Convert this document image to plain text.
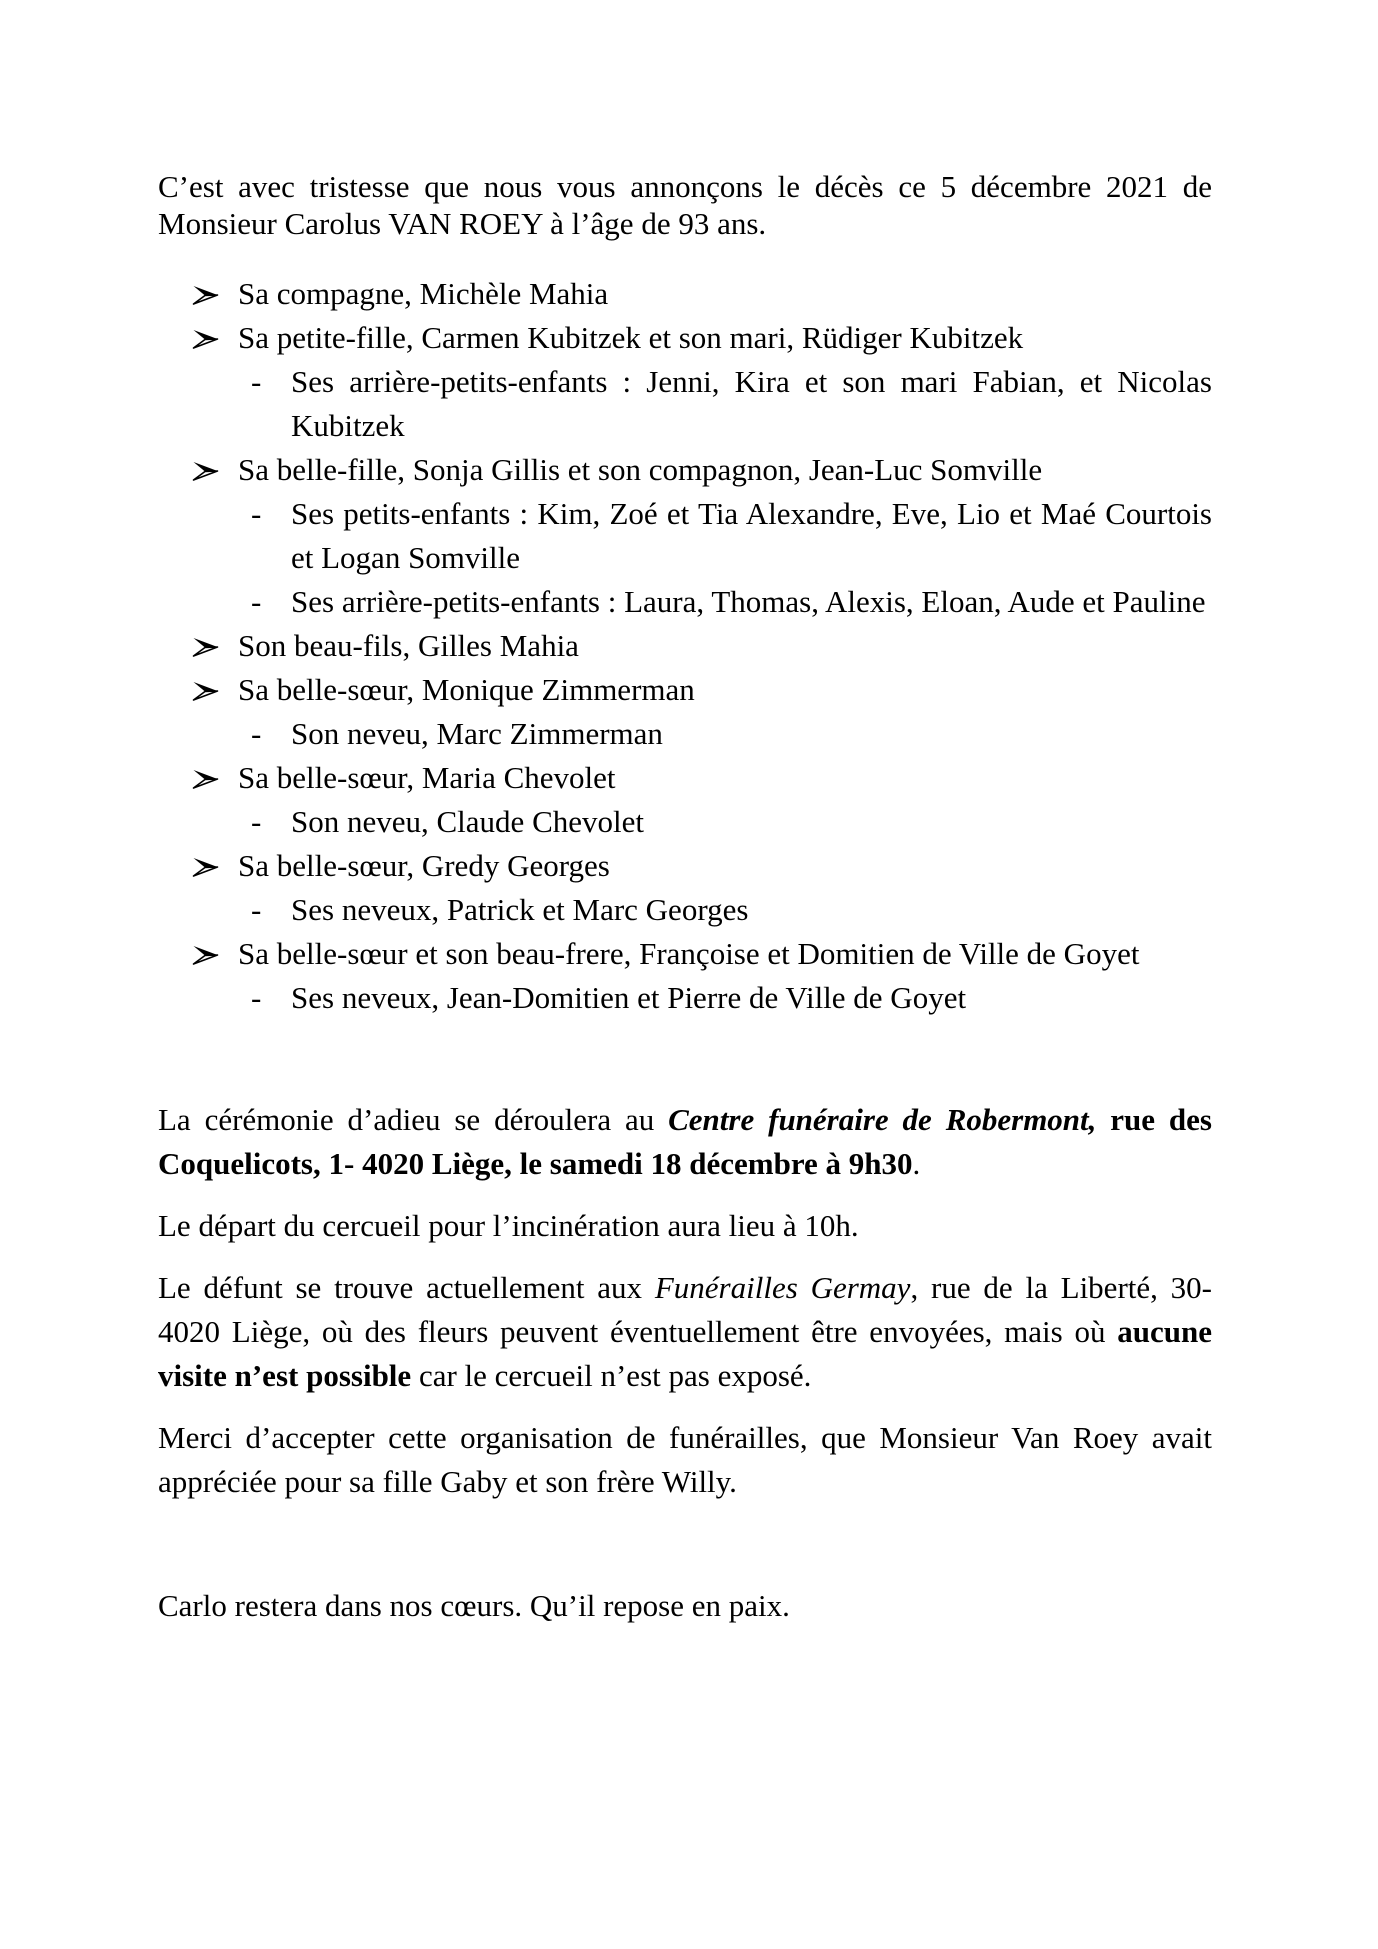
C’est avec tristesse que nous vous annonçons le décès ce 5 décembre 2021 de Monsieur Carolus VAN ROEY à l’âge de 93 ans.

Sa compagne, Michèle Mahia
Sa petite-fille, Carmen Kubitzek et son mari, Rüdiger Kubitzek
- Ses arrière-petits-enfants : Jenni, Kira et son mari Fabian, et Nicolas Kubitzek
Sa belle-fille, Sonja Gillis et son compagnon, Jean-Luc Somville
- Ses petits-enfants : Kim, Zoé et Tia Alexandre, Eve, Lio et Maé Courtois et Logan Somville
- Ses arrière-petits-enfants : Laura, Thomas, Alexis, Eloan, Aude et Pauline
Son beau-fils, Gilles Mahia
Sa belle-sœur, Monique Zimmerman
- Son neveu, Marc Zimmerman
Sa belle-sœur, Maria Chevolet
- Son neveu, Claude Chevolet
Sa belle-sœur, Gredy Georges
- Ses neveux, Patrick et Marc Georges
Sa belle-sœur et son beau-frere, Françoise et Domitien de Ville de Goyet
- Ses neveux, Jean-Domitien et Pierre de Ville de Goyet

La cérémonie d’adieu se déroulera au Centre funéraire de Robermont, rue des Coquelicots, 1- 4020 Liège, le samedi 18 décembre à 9h30.

Le départ du cercueil pour l’incinération aura lieu à 10h.

Le défunt se trouve actuellement aux Funérailles Germay, rue de la Liberté, 30- 4020 Liège, où des fleurs peuvent éventuellement être envoyées, mais où aucune visite n’est possible car le cercueil n’est pas exposé.

Merci d’accepter cette organisation de funérailles, que Monsieur Van Roey avait appréciée pour sa fille Gaby et son frère Willy.

Carlo restera dans nos cœurs. Qu’il repose en paix.
